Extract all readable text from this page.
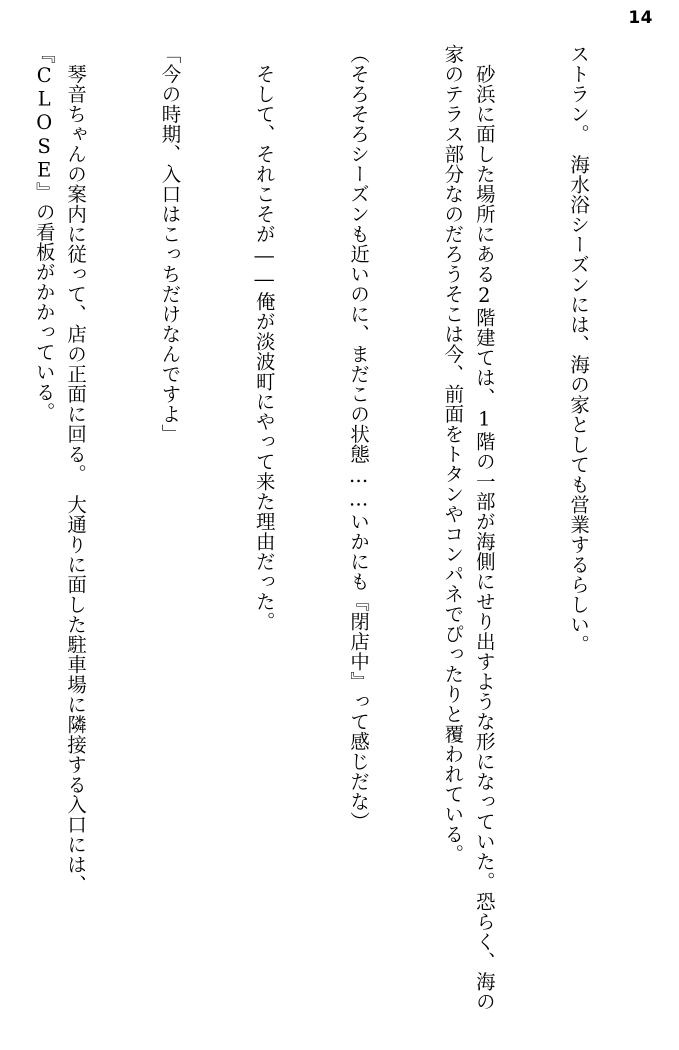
14

ストラン。　海水浴シーズンには、海の家としても営業するらしい。

　砂浜に面した場所にある2階建ては、1階の一部が海側にせり出すような形になっていた。恐らく、海の家のテラス部分なのだろうそこは今、前面をトタンやコンパネでぴったりと覆われている。

（そろそろシーズンも近いのに、まだこの状態……いかにも『閉店中』って感じだな）

　そして、それこそが――俺が淡波町にやって来た理由だった。

「今の時期、入口はこっちだけなんですよ」

　琴音ちゃんの案内に従って、店の正面に回る。　大通りに面した駐車場に隣接する入口には、『CLOSE』の看板がかかっている。
